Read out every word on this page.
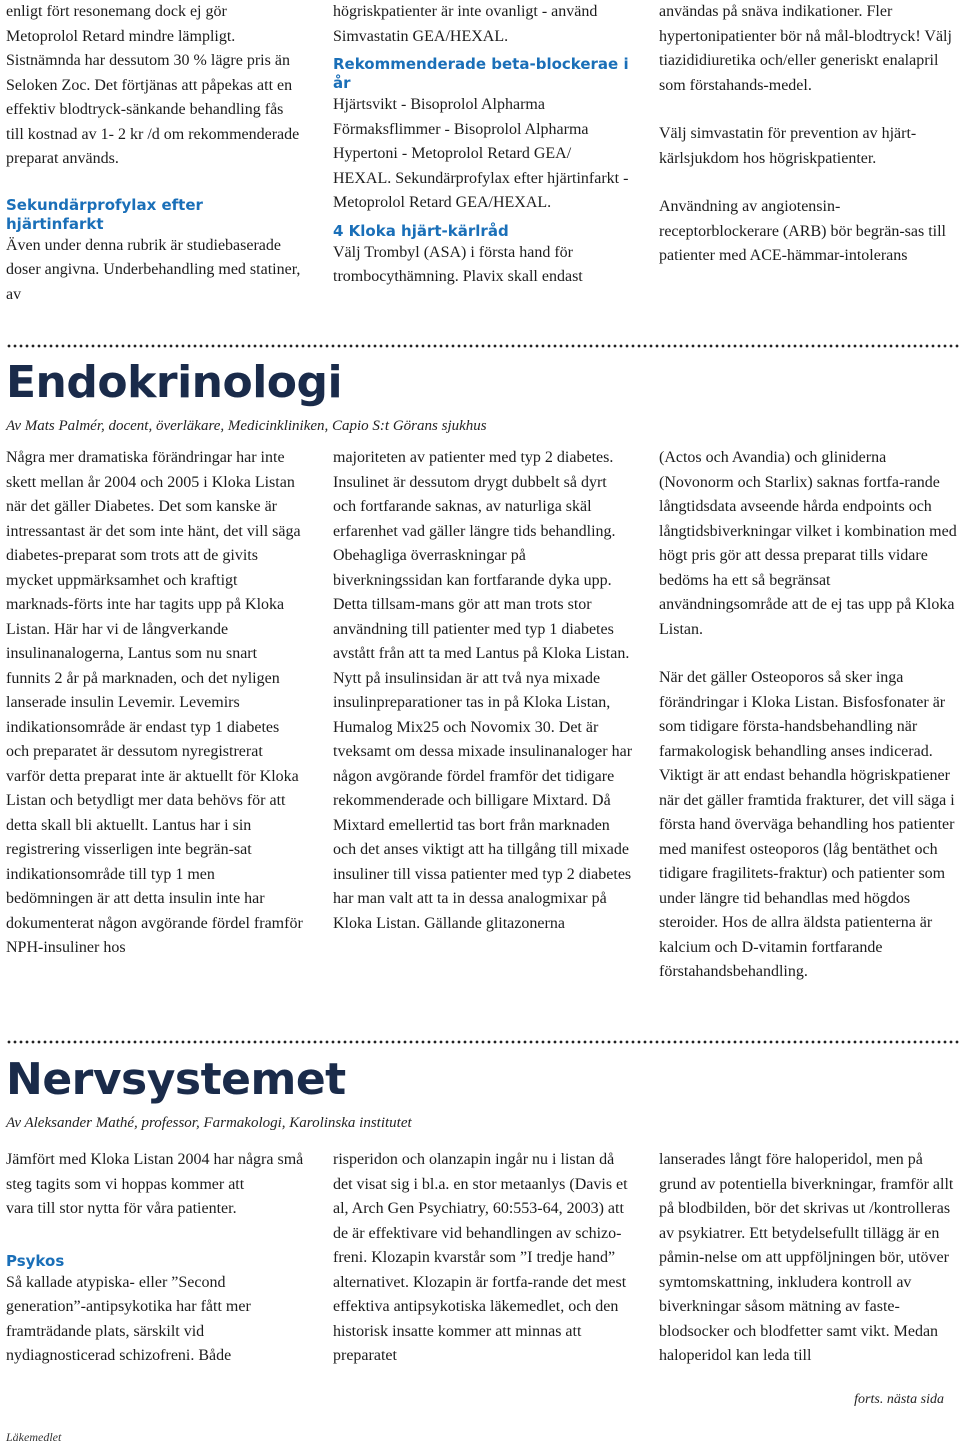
enligt fört resonemang dock ej gör Metoprolol Retard mindre lämpligt. Sistnämnda har dessutom 30 % lägre pris än Seloken Zoc. Det förtjänas att påpekas att en effektiv blodtryck-sänkande behandling fås till kostnad av 1- 2 kr /d om rekommenderade preparat används.

Sekundärprofylax efter hjärtinfarkt

Även under denna rubrik är studiebaserade doser angivna. Underbehandling med statiner, av

högriskpatienter är inte ovanligt - använd Simvastatin GEA/HEXAL.

Rekommenderade beta-blockerae i år

Hjärtsvikt - Bisoprolol Alpharma Förmaksflimmer - Bisoprolol Alpharma Hypertoni - Metoprolol Retard GEA/ HEXAL. Sekundärprofylax efter hjärtinfarkt - Metoprolol Retard GEA/HEXAL.

4 Kloka hjärt-kärlråd

Välj Trombyl (ASA) i första hand för trombocythämning. Plavix skall endast

användas på snäva indikationer. Fler hypertonipatienter bör nå mål-blodtryck! Välj tiazididiuretika och/eller generiskt enalapril som förstahands-medel.

Välj simvastatin för prevention av hjärt-kärlsjukdom hos högriskpatienter.

Användning av angiotensin-receptorblockerare (ARB) bör begrän-sas till patienter med ACE-hämmar-intolerans

Endokrinologi

Av Mats Palmér, docent, överläkare, Medicinkliniken, Capio S:t Görans sjukhus

Några mer dramatiska förändringar har inte skett mellan år 2004 och 2005 i Kloka Listan när det gäller Diabetes. Det som kanske är intressantast är det som inte hänt, det vill säga diabetes-preparat som trots att de givits mycket uppmärksamhet och kraftigt marknads-förts inte har tagits upp på Kloka Listan. Här har vi de långverkande insulinanalogerna, Lantus som nu snart funnits 2 år på marknaden, och det nyligen lanserade insulin Levemir. Levemirs indikationsområde är endast typ 1 diabetes och preparatet är dessutom nyregistrerat varför detta preparat inte är aktuellt för Kloka Listan och betydligt mer data behövs för att detta skall bli aktuellt. Lantus har i sin registrering visserligen inte begrän-sat indikationsområde till typ 1 men bedömningen är att detta insulin inte har dokumenterat någon avgörande fördel framför NPH-insuliner hos

majoriteten av patienter med typ 2 diabetes. Insulinet är dessutom drygt dubbelt så dyrt och fortfarande saknas, av naturliga skäl erfarenhet vad gäller längre tids behandling. Obehagliga överraskningar på biverkningssidan kan fortfarande dyka upp. Detta tillsam-mans gör att man trots stor användning till patienter med typ 1 diabetes avstått från att ta med Lantus på Kloka Listan. Nytt på insulinsidan är att två nya mixade insulinpreparationer tas in på Kloka Listan, Humalog Mix25 och Novomix 30. Det är tveksamt om dessa mixade insulinanaloger har någon avgörande fördel framför det tidigare rekommenderade och billigare Mixtard. Då Mixtard emellertid tas bort från marknaden och det anses viktigt att ha tillgång till mixade insuliner till vissa patienter med typ 2 diabetes har man valt att ta in dessa analogmixar på Kloka Listan. Gällande glitazonerna

(Actos och Avandia) och gliniderna (Novonorm och Starlix) saknas fortfa-rande långtidsdata avseende hårda endpoints och långtidsbiverkningar vilket i kombination med högt pris gör att dessa preparat tills vidare bedöms ha ett så begränsat användningsområde att de ej tas upp på Kloka Listan.

När det gäller Osteoporos så sker inga förändringar i Kloka Listan. Bisfosfonater är som tidigare första-handsbehandling när farmakologisk behandling anses indicerad. Viktigt är att endast behandla högriskpatiener när det gäller framtida frakturer, det vill säga i första hand överväga behandling hos patienter med manifest osteoporos (låg bentäthet och tidigare fragilitets-fraktur) och patienter som under längre tid behandlas med högdos steroider. Hos de allra äldsta patienterna är kalcium och D-vitamin fortfarande förstahandsbehandling.

Nervsystemet

Av Aleksander Mathé, professor, Farmakologi, Karolinska institutet

Jämfört med Kloka Listan 2004 har några små steg tagits som vi hoppas kommer att

vara till stor nytta för våra patienter.

Psykos

Så kallade atypiska- eller ”Second generation”-antipsykotika har fått mer framträdande plats, särskilt vid nydiagnosticerad schizofreni. Både

risperidon och olanzapin ingår nu i listan då det visat sig i bl.a. en stor metaanlys (Davis et al, Arch Gen Psychiatry, 60:553-64, 2003) att de är effektivare vid behandlingen av schizo-freni. Klozapin kvarstår som ”I tredje hand” alternativet. Klozapin är fortfa-rande det mest effektiva antipsykotiska läkemedlet, och den historisk insatte kommer att minnas att preparatet

lanserades långt före haloperidol, men på grund av potentiella biverkningar, framför allt på blodbilden, bör det skrivas ut /kontrolleras av psykiatrer. Ett betydelsefullt tillägg är en påmin-nelse om att uppföljningen bör, utöver symtomskattning, inkludera kontroll av biverkningar såsom mätning av faste-blodsocker och blodfetter samt vikt. Medan haloperidol kan leda till

forts. nästa sida
Läkemedlet
